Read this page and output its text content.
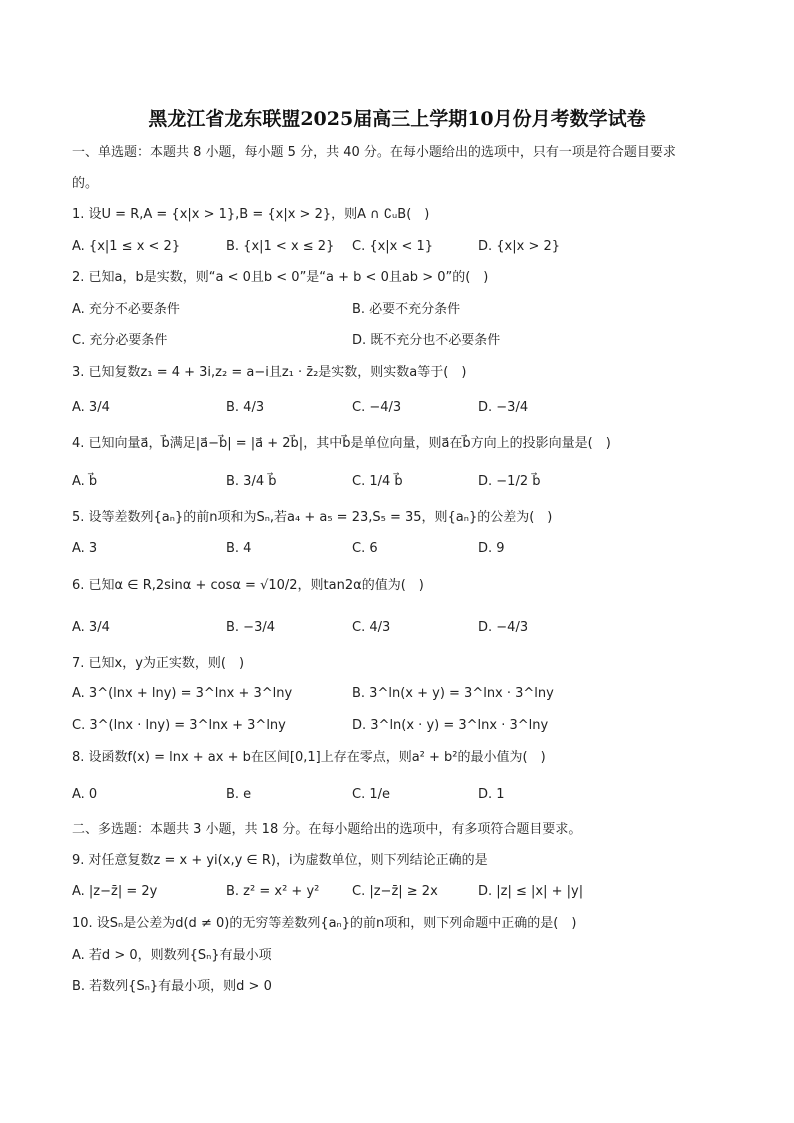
黑龙江省龙东联盟2025届高三上学期10月份月考数学试卷
一、单选题：本题共 8 小题，每小题 5 分，共 40 分。在每小题给出的选项中，只有一项是符合题目要求
的。
1. 设U = R,A = {x|x > 1},B = {x|x > 2}，则A ∩ ∁ᵤB(　)
A. {x|1 ≤ x < 2}	B. {x|1 < x ≤ 2} C. {x|x < 1}	D. {x|x > 2}
2. 已知a，b是实数，则“a < 0且b < 0”是“a + b < 0且ab > 0”的(　)
A. 充分不必要条件	B. 必要不充分条件
C. 充分必要条件	D. 既不充分也不必要条件
3. 已知复数z₁ = 4 + 3i,z₂ = a−i且z₁ · z̄₂是实数，则实数a等于(　)
A. 3/4	B. 4/3	C. −4/3	D. −3/4
4. 已知向量a⃗，b⃗满足|a⃗−b⃗| = |a⃗ + 2b⃗|，其中b⃗是单位向量，则a⃗在b⃗方向上的投影向量是(　)
A. b⃗	B. 3/4 b⃗	C. 1/4 b⃗	D. −1/2 b⃗
5. 设等差数列{aₙ}的前n项和为Sₙ,若a₄ + a₅ = 23,S₅ = 35，则{aₙ}的公差为(　)
A. 3	B. 4	C. 6	D. 9
6. 已知α ∈ R,2sinα + cosα = √10/2，则tan2α的值为(　)
A. 3/4	B. −3/4	C. 4/3	D. −4/3
7. 已知x，y为正实数，则(　)
A. 3^(lnx + lny) = 3^lnx + 3^lny	B. 3^ln(x + y) = 3^lnx · 3^lny
C. 3^(lnx · lny) = 3^lnx + 3^lny	D. 3^ln(x · y) = 3^lnx · 3^lny
8. 设函数f(x) = lnx + ax + b在区间[0,1]上存在零点，则a² + b²的最小值为(　)
A. 0	B. e	C. 1/e	D. 1
二、多选题：本题共 3 小题，共 18 分。在每小题给出的选项中，有多项符合题目要求。
9. 对任意复数z = x + yi(x,y ∈ R)，i为虚数单位，则下列结论正确的是
A. |z−z̄| = 2y	B. z² = x² + y²	C. |z−z̄| ≥ 2x	D. |z| ≤ |x| + |y|
10. 设Sₙ是公差为d(d ≠ 0)的无穷等差数列{aₙ}的前n项和，则下列命题中正确的是(　)
A. 若d > 0，则数列{Sₙ}有最小项
B. 若数列{Sₙ}有最小项，则d > 0
